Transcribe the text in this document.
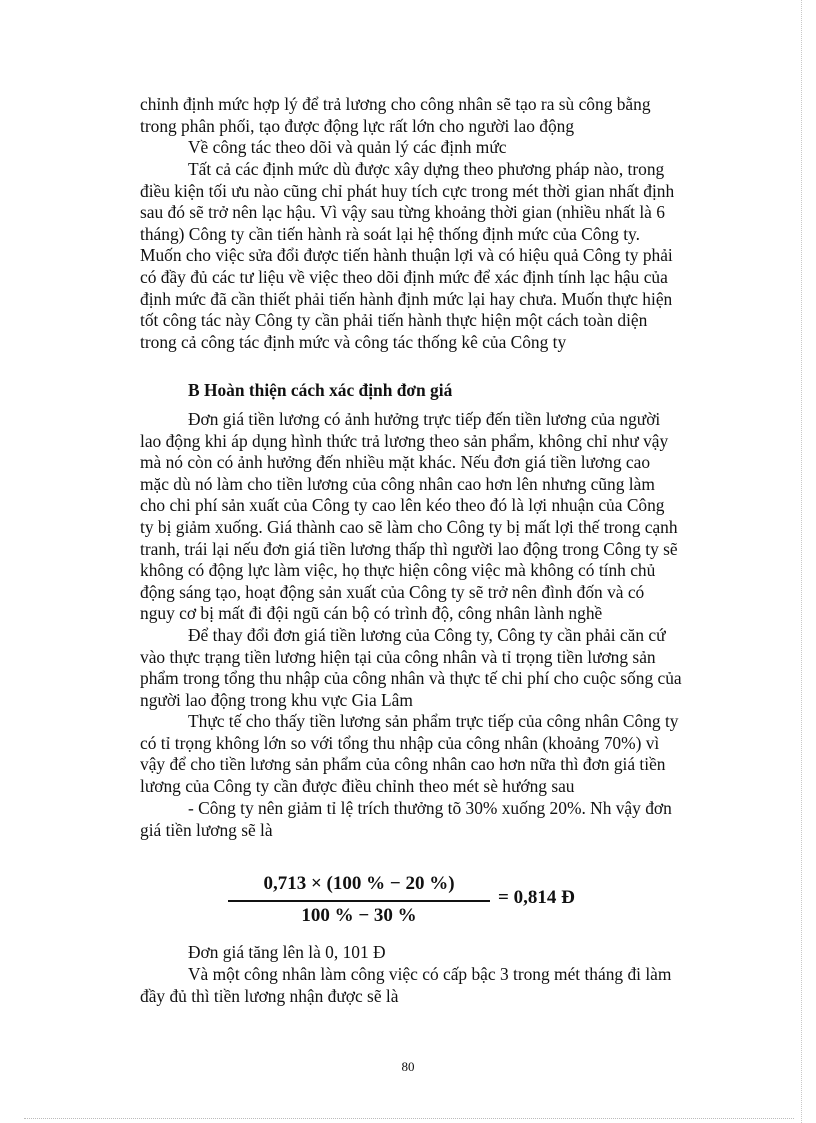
chỉnh định mức hợp lý để trả lương cho công nhân sẽ tạo ra sù công bằng
trong phân phối, tạo được động lực rất lớn cho người lao động
Về công tác theo dõi và quản lý các định mức
Tất cả các định mức dù được xây dựng theo phương pháp nào, trong
điều kiện tối ưu nào cũng chỉ phát huy tích cực trong mét thời gian nhất định
sau đó sẽ trở nên lạc hậu. Vì vậy sau từng khoảng thời gian (nhiều nhất là 6
tháng) Công ty cần tiến hành rà soát lại hệ thống định mức của Công ty.
Muốn cho việc sửa đổi được tiến hành thuận lợi và có hiệu quả Công ty phải
có đầy đủ các tư liệu về việc theo dõi định mức để xác định tính lạc hậu của
định mức đã cần thiết phải tiến hành định mức lại hay chưa. Muốn thực hiện
tốt công tác này Công ty cần phải tiến hành thực hiện một cách toàn diện
trong cả công tác định mức và công tác thống kê của Công ty
B Hoàn thiện cách xác định đơn giá
Đơn giá tiền lương có ảnh hưởng trực tiếp đến tiền lương của người
lao động khi áp dụng hình thức trả lương theo sản phẩm, không chỉ như vậy
mà nó còn có ảnh hưởng đến nhiều mặt khác. Nếu đơn giá tiền lương cao
mặc dù nó làm cho tiền lương của công nhân cao hơn lên nhưng cũng làm
cho chi phí sản xuất của Công ty cao lên kéo theo đó là lợi nhuận của Công
ty bị giảm xuống. Giá thành cao sẽ làm cho Công ty bị mất lợi thế trong cạnh
tranh, trái lại nếu đơn giá tiền lương thấp thì người lao động trong Công ty sẽ
không có động lực làm việc, họ thực hiện công việc mà không có tính chủ
động sáng tạo, hoạt động sản xuất của Công ty sẽ trở nên đình đốn và có
nguy cơ bị mất đi đội ngũ cán bộ có trình độ, công nhân lành nghề
Để thay đổi đơn giá tiền lương của Công ty, Công ty cần phải căn cứ
vào thực trạng tiền lương hiện tại của công nhân và tỉ trọng tiền lương sản
phẩm trong tổng thu nhập của công nhân và thực tế chi phí cho cuộc sống của
người lao động trong khu vực Gia Lâm
Thực tế cho thấy tiền lương sản phẩm trực tiếp của công nhân Công ty
có tỉ trọng không lớn so với tổng thu nhập của công nhân (khoảng 70%) vì
vậy để cho tiền lương sản phẩm của công nhân cao hơn nữa thì đơn giá tiền
lương của Công ty cần được điều chỉnh theo mét sè hướng sau
- Công ty nên giảm tỉ lệ trích thưởng tõ 30% xuống 20%. Nh vậy đơn
giá tiền lương sẽ là
0,713 × (100 % − 20 %)
100 % − 30 %
= 0,814 Đ
Đơn giá tăng lên là 0, 101 Đ
Và một công nhân làm công việc có cấp bậc 3 trong mét tháng đi làm
đầy đủ thì tiền lương nhận được sẽ là
80
